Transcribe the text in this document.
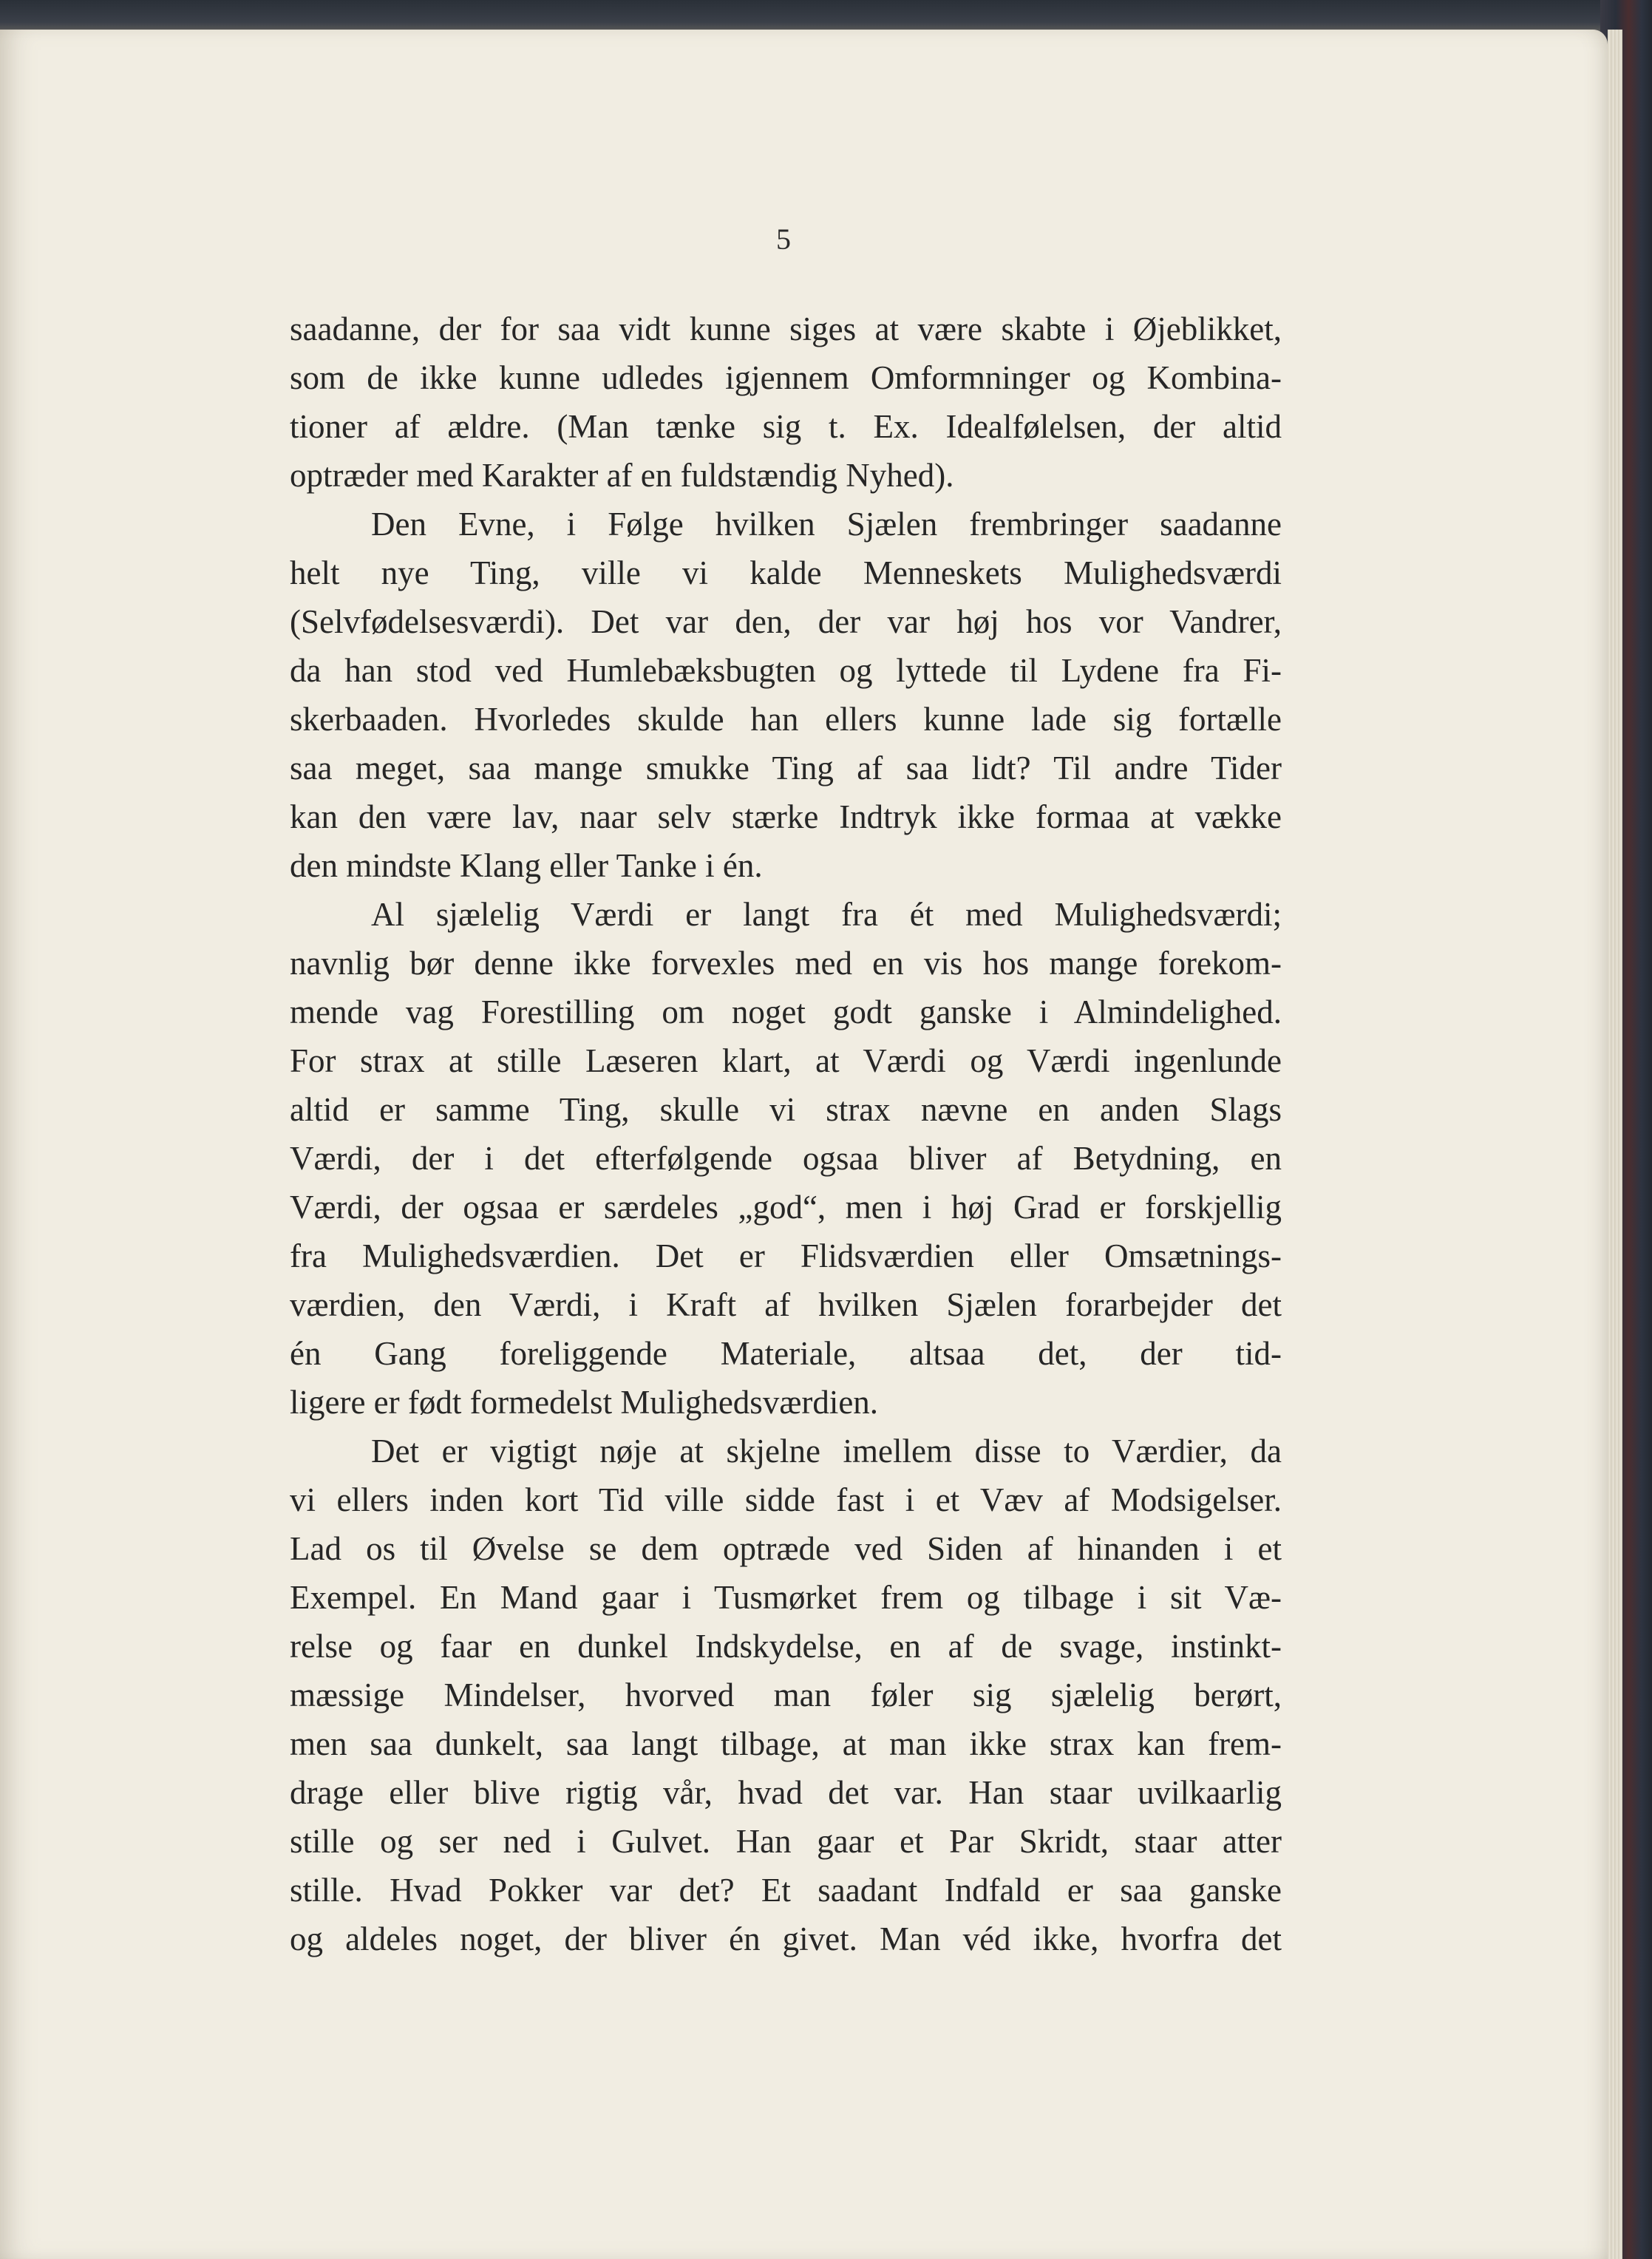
5
saadanne, der for saa vidt kunne siges at være skabte i Øjeblikket,
som de ikke kunne udledes igjennem Omformninger og Kombina-
tioner af ældre. (Man tænke sig t. Ex. Idealfølelsen, der altid
optræder med Karakter af en fuldstændig Nyhed).
Den Evne, i Følge hvilken Sjælen frembringer saadanne
helt nye Ting, ville vi kalde Menneskets Mulighedsværdi
(Selvfødelsesværdi). Det var den, der var høj hos vor Vandrer,
da han stod ved Humlebæksbugten og lyttede til Lydene fra Fi-
skerbaaden. Hvorledes skulde han ellers kunne lade sig fortælle
saa meget, saa mange smukke Ting af saa lidt? Til andre Tider
kan den være lav, naar selv stærke Indtryk ikke formaa at vække
den mindste Klang eller Tanke i én.
Al sjælelig Værdi er langt fra ét med Mulighedsværdi;
navnlig bør denne ikke forvexles med en vis hos mange forekom-
mende vag Forestilling om noget godt ganske i Almindelighed.
For strax at stille Læseren klart, at Værdi og Værdi ingenlunde
altid er samme Ting, skulle vi strax nævne en anden Slags
Værdi, der i det efterfølgende ogsaa bliver af Betydning, en
Værdi, der ogsaa er særdeles „god“, men i høj Grad er forskjellig
fra Mulighedsværdien. Det er Flidsværdien eller Omsætnings-
værdien, den Værdi, i Kraft af hvilken Sjælen forarbejder det
én Gang foreliggende Materiale, altsaa det, der tid-
ligere er født formedelst Mulighedsværdien.
Det er vigtigt nøje at skjelne imellem disse to Værdier, da
vi ellers inden kort Tid ville sidde fast i et Væv af Modsigelser.
Lad os til Øvelse se dem optræde ved Siden af hinanden i et
Exempel. En Mand gaar i Tusmørket frem og tilbage i sit Væ-
relse og faar en dunkel Indskydelse, en af de svage, instinkt-
mæssige Mindelser, hvorved man føler sig sjælelig berørt,
men saa dunkelt, saa langt tilbage, at man ikke strax kan frem-
drage eller blive rigtig vår, hvad det var. Han staar uvilkaarlig
stille og ser ned i Gulvet. Han gaar et Par Skridt, staar atter
stille. Hvad Pokker var det? Et saadant Indfald er saa ganske
og aldeles noget, der bliver én givet. Man véd ikke, hvorfra det
